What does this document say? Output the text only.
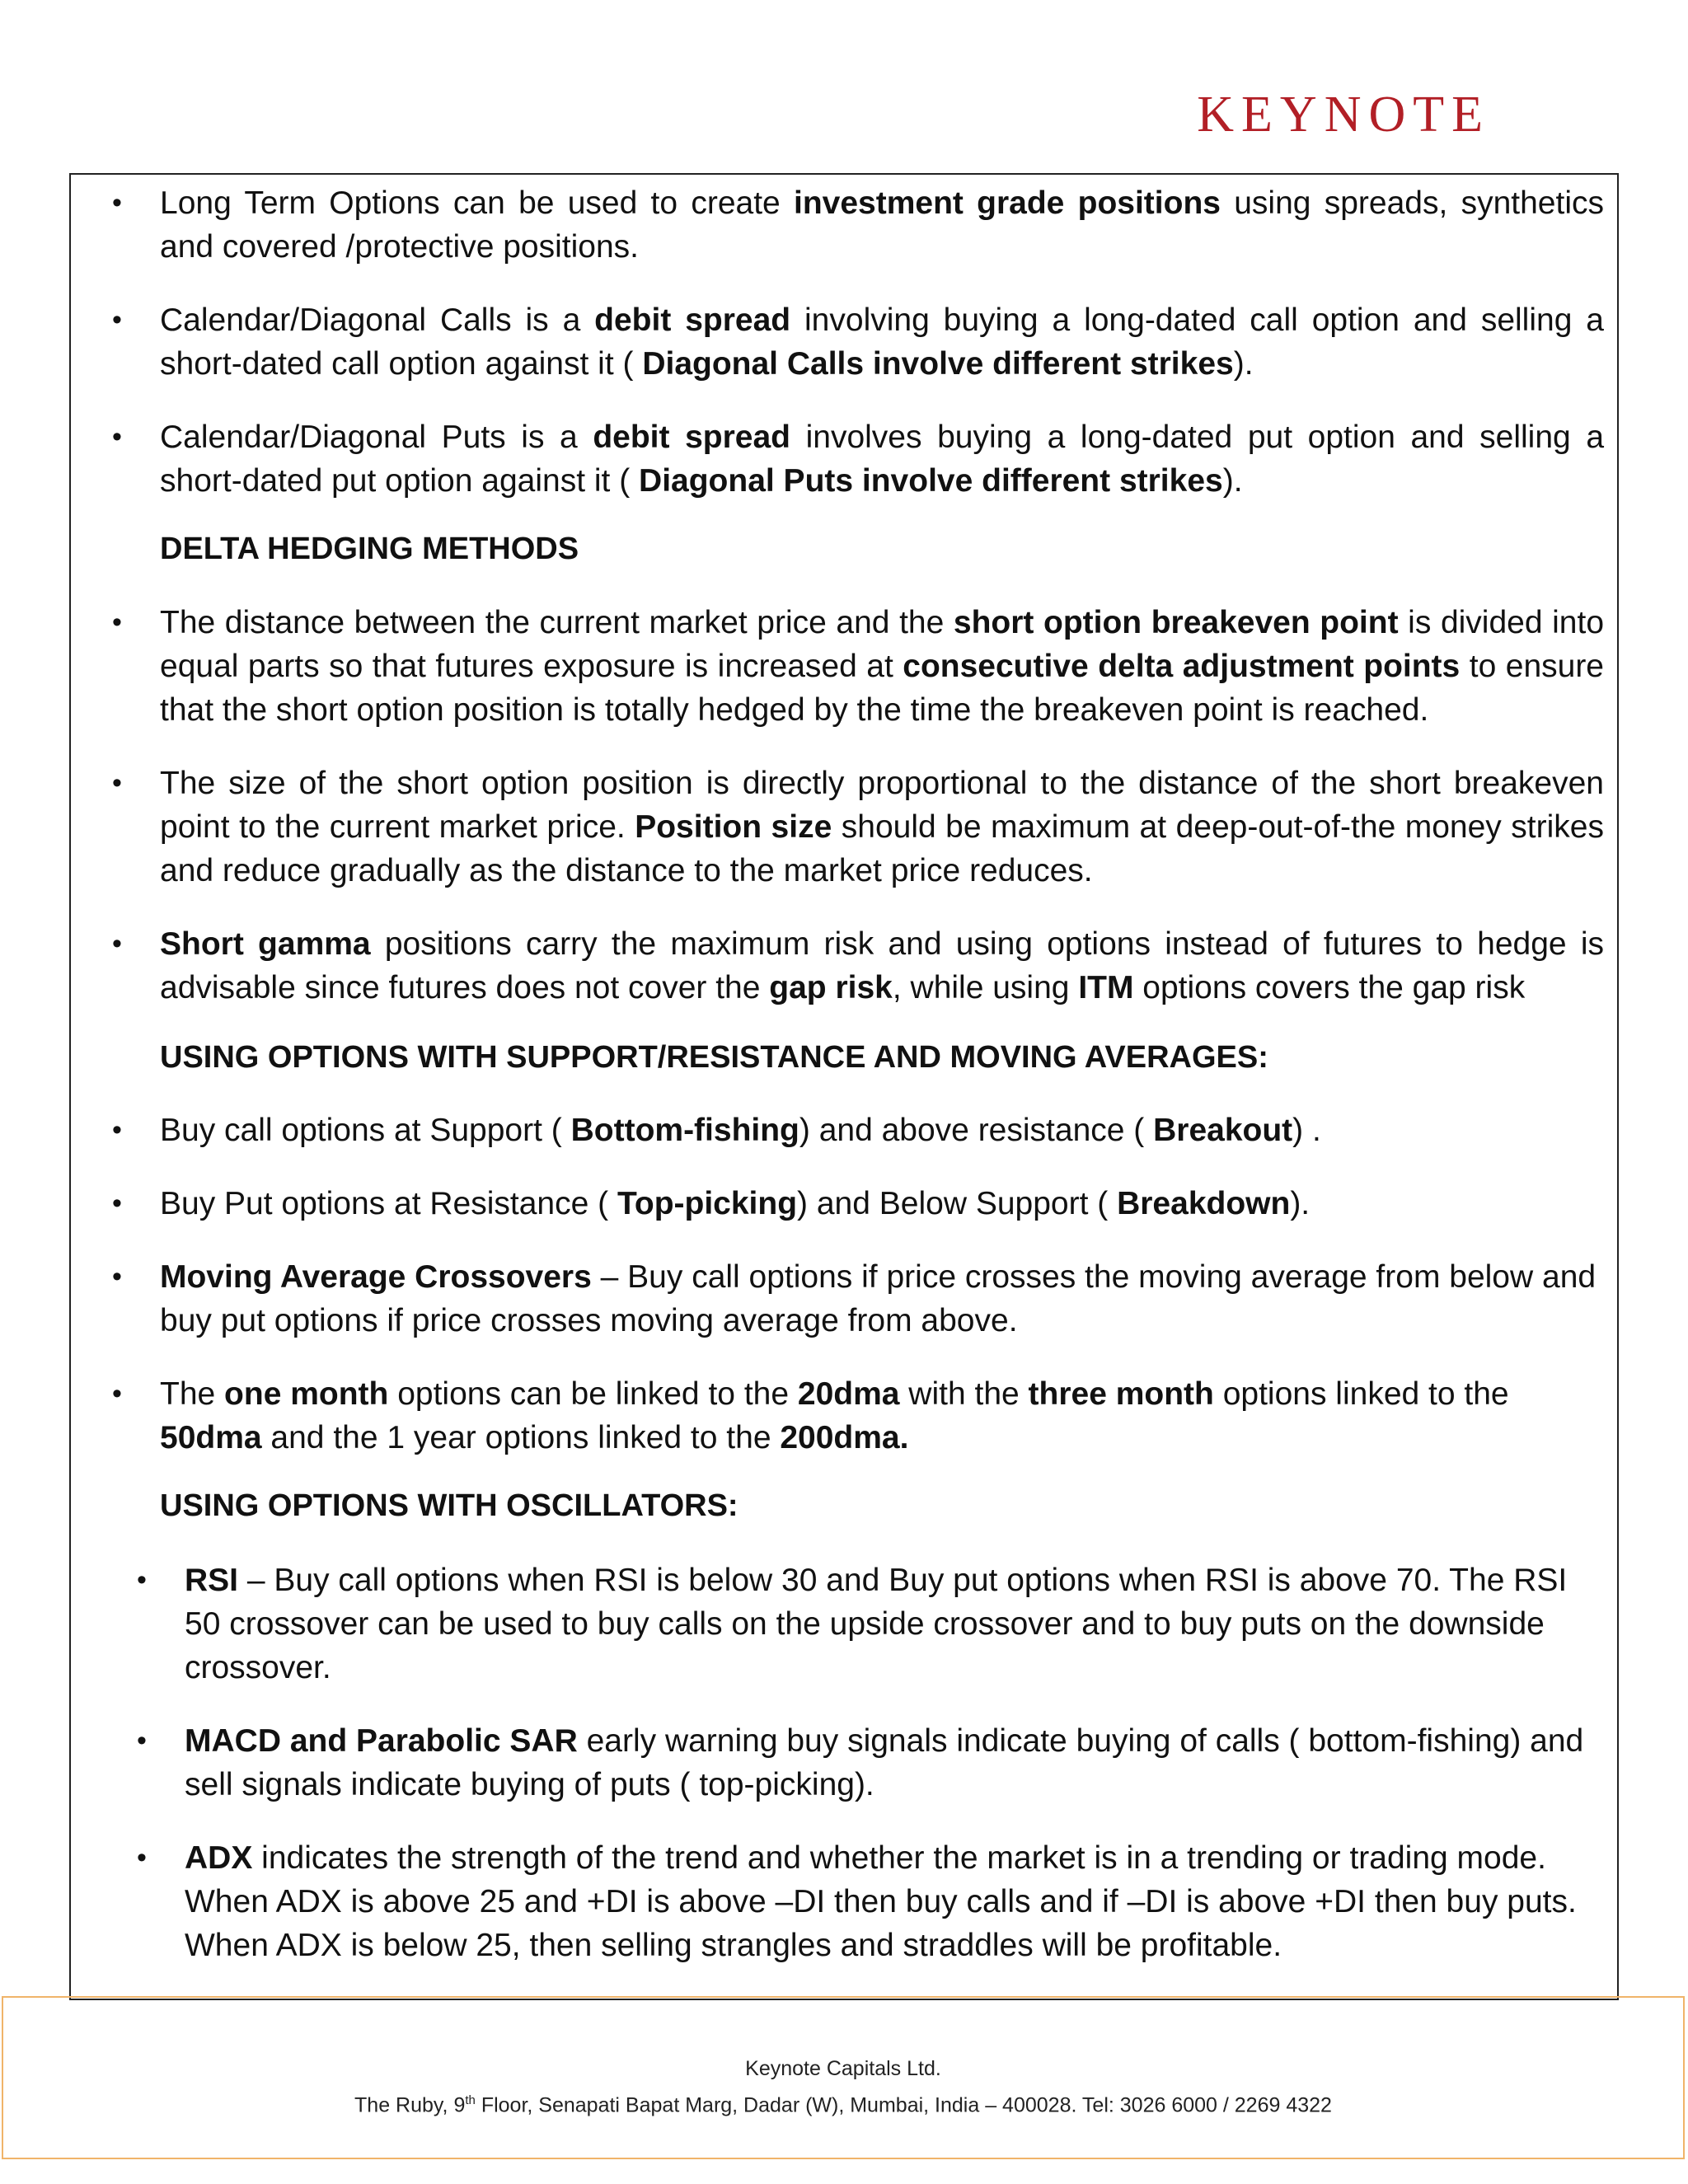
KEYNOTE
• Long Term Options can be used to create investment grade positions using spreads, synthetics and covered /protective positions.
• Calendar/Diagonal Calls is a debit spread involving buying a long-dated call option and selling a short-dated call option against it ( Diagonal Calls involve different strikes).
• Calendar/Diagonal Puts is a debit spread involves buying a long-dated put option and selling a short-dated put option against it ( Diagonal Puts involve different strikes).
DELTA HEDGING METHODS
• The distance between the current market price and the short option breakeven point is divided into equal parts so that futures exposure is increased at consecutive delta adjustment points to ensure that the short option position is totally hedged by the time the breakeven point is reached.
• The size of the short option position is directly proportional to the distance of the short breakeven point to the current market price. Position size should be maximum at deep-out-of-the money strikes and reduce gradually as the distance to the market price reduces.
• Short gamma positions carry the maximum risk and using options instead of futures to hedge is advisable since futures does not cover the gap risk, while using ITM options covers the gap risk
USING OPTIONS WITH SUPPORT/RESISTANCE AND MOVING AVERAGES:
• Buy call options at Support ( Bottom-fishing) and above resistance ( Breakout) .
• Buy Put options at Resistance ( Top-picking) and Below Support ( Breakdown).
• Moving Average Crossovers – Buy call options if price crosses the moving average from below and buy put options if price crosses moving average from above.
• The one month options can be linked to the 20dma with the three month options linked to the
50dma and the 1 year options linked to the 200dma.
USING OPTIONS WITH OSCILLATORS:
• RSI – Buy call options when RSI is below 30 and Buy put options when RSI is above 70. The RSI 50 crossover can be used to buy calls on the upside crossover and to buy puts on the downside crossover.
• MACD and Parabolic SAR early warning buy signals indicate buying of calls ( bottom-fishing) and sell signals indicate buying of puts ( top-picking).
• ADX indicates the strength of the trend and whether the market is in a trending or trading mode. When ADX is above 25 and +DI is above –DI then buy calls and if –DI is above +DI then buy puts. When ADX is below 25, then selling strangles and straddles will be profitable.
Keynote Capitals Ltd.
The Ruby, 9th Floor, Senapati Bapat Marg, Dadar (W), Mumbai, India – 400028. Tel: 3026 6000 / 2269 4322
